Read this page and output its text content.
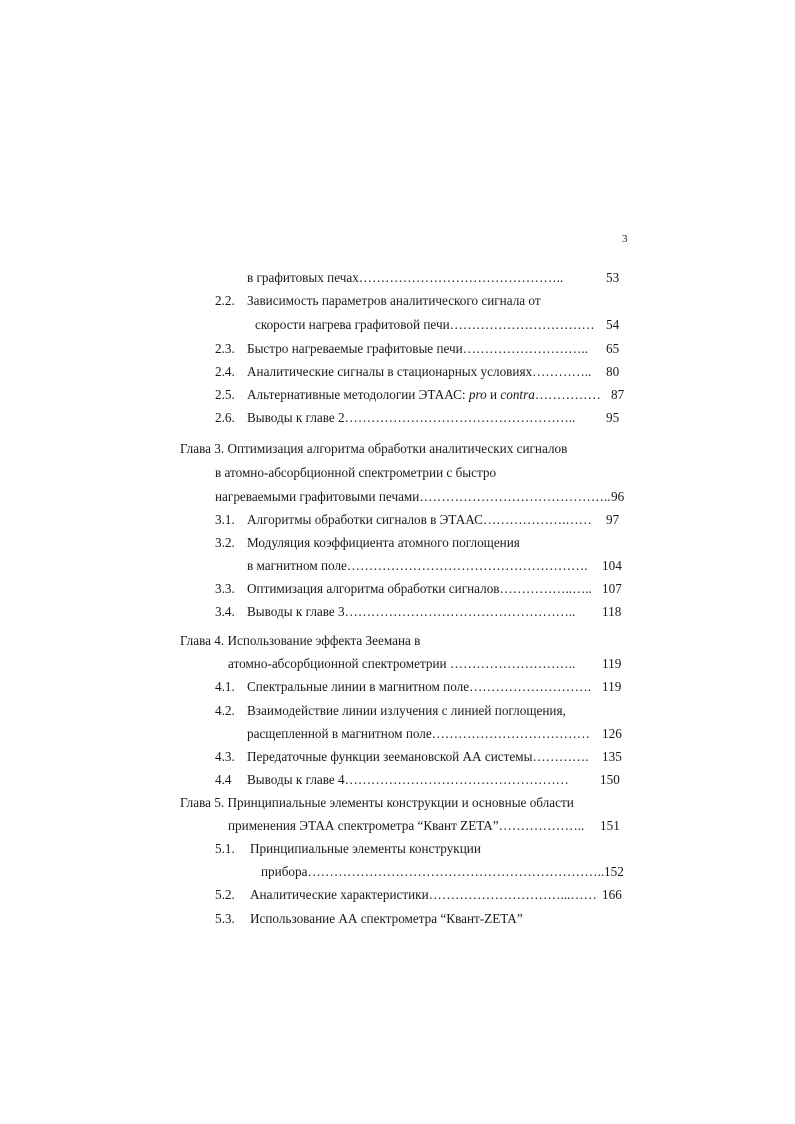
3
в графитовых печах………………………………………..	53
2.2. Зависимость параметров аналитического сигнала от
скорости нагрева графитовой печи…………………………… 54
2.3. Быстро нагреваемые графитовые печи……………………….. 65
2.4. Аналитические сигналы в стационарных условиях………….. 80
2.5. Альтернативные методологии ЭТААС: pro и contra…………… 87
2.6. Выводы к главе 2…………………………………………….. 95
Глава 3. Оптимизация алгоритма обработки аналитических сигналов
в атомно-абсорбционной спектрометрии с быстро
нагреваемыми графитовыми печами…………………………………….. 96
3.1. Алгоритмы обработки сигналов в ЭТААС……………….…… 97
3.2. Модуляция коэффициента атомного поглощения
в магнитном поле………………………………………………. 104
3.3. Оптимизация алгоритма обработки сигналов……………..….. 107
3.4. Выводы к главе 3…………………………………………….. 118
Глава 4. Использование эффекта Зеемана в
атомно-абсорбционной спектрометрии ……………………….. 119
4.1. Спектральные линии в магнитном поле………………………. 119
4.2. Взаимодействие линии излучения с линией поглощения,
расщепленной в магнитном поле……………………………… 126
4.3. Передаточные функции зеемановской АА системы…………. 135
4.4 Выводы к главе 4…………………………………………… 150
Глава 5. Принципиальные элементы конструкции и основные области
применения ЭТАА спектрометра “Квант ZETA”……………….. 151
5.1. Принципиальные элементы конструкции
прибора………………………………………………………….. 152
5.2. Аналитические характеристики…………………………...…… 166
5.3. Использование АА спектрометра “Квант-ZETA”
